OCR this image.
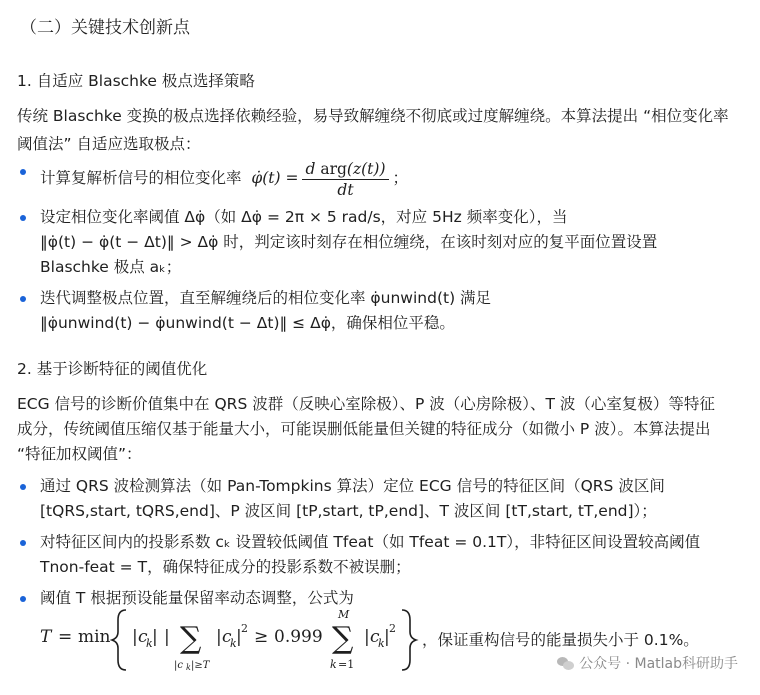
（二）关键技术创新点
1. 自适应 Blaschke 极点选择策略
传统 Blaschke 变换的极点选择依赖经验，易导致解缠绕不彻底或过度解缠绕。本算法提出 “相位变化率阈值法” 自适应选取极点：
计算复解析信号的相位变化率  φ̇(t) = $\frac{\text{d arg(z(t))}}{dt}$ ；
设定相位变化率阈值 Δφ̇（如 Δφ̇ = 2π × 5 rad/s，对应 5Hz 频率变化），当
‖φ̇(t) − φ̇(t − Δt)‖ > Δφ̇ 时，判定该时刻存在相位缠绕，在该时刻对应的复平面位置设置
Blaschke 极点 aₖ；
迭代调整极点位置，直至解缠绕后的相位变化率 φ̇unwind(t) 满足
‖φ̇unwind(t) − φ̇unwind(t − Δt)‖ ≤ Δφ̇，确保相位平稳。
2. 基于诊断特征的阈值优化
ECG 信号的诊断价值集中在 QRS 波群（反映心室除极）、P 波（心房除极）、T 波（心室复极）等特征成分，传统阈值压缩仅基于能量大小，可能误删低能量但关键的特征成分（如微小 P 波）。本算法提出 “特征加权阈值”：
通过 QRS 波检测算法（如 Pan-Tompkins 算法）定位 ECG 信号的特征区间（QRS 波区间
[tQRS,start, tQRS,end]、P 波区间 [tP,start, tP,end]、T 波区间 [tT,start, tT,end]）；
对特征区间内的投影系数 cₖ 设置较低阈值 Tfeat（如 Tfeat = 0.1T），非特征区间设置较高阈值
Tnon-feat = T，确保特征成分的投影系数不被误删；
阈值 T 根据预设能量保留率动态调整，公式为
T = min | c
k | | ∑
|c k |≥T
| c
k | 2 ≥ 0.999 ∑
M
k =1
| c
k | 2
，保证重构信号的能量损失小于 0.1%。
公众号 · Matlab科研助手
